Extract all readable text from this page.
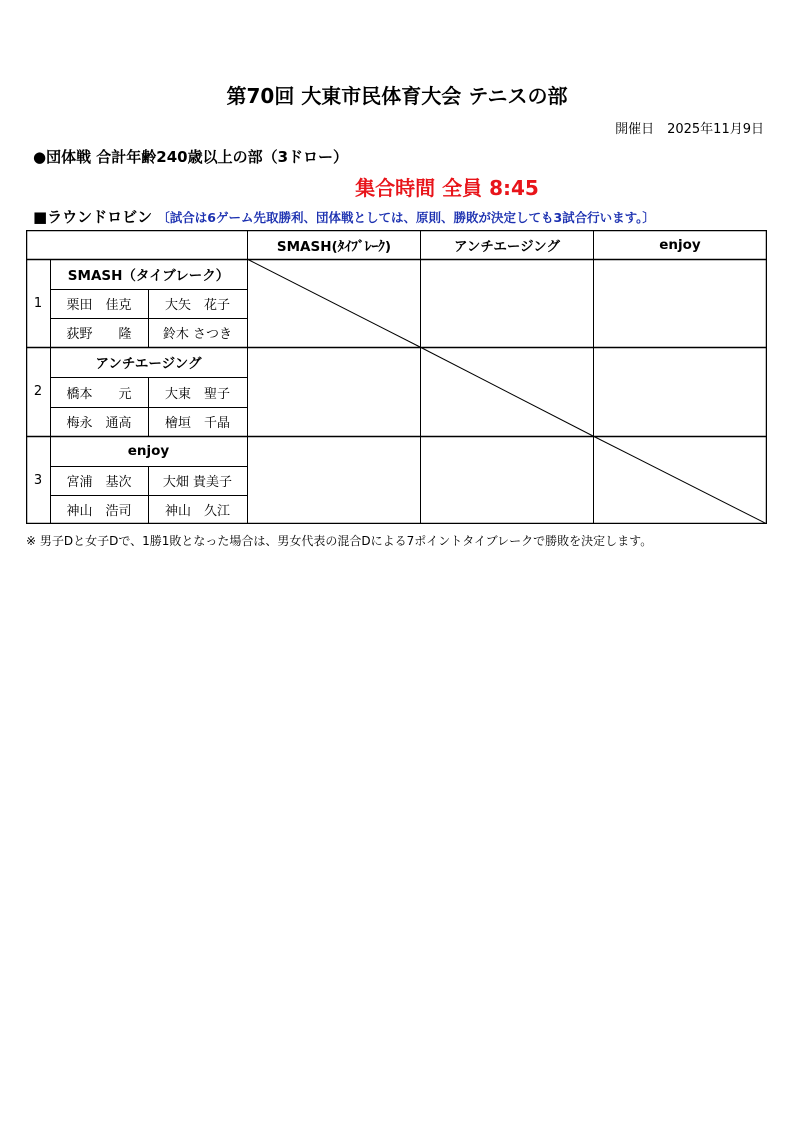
第70回 大東市民体育大会 テニスの部
開催日　2025年11月9日
●団体戦 合計年齢240歳以上の部（3ドロー）
集合時間 全員 8:45
■ラウンドロビン 〔試合は6ゲーム先取勝利、団体戦としては、原則、勝敗が決定しても3試合行います。〕
SMASH(ﾀｲﾌﾞﾚｰｸ)	アンチエージング	enjoy
1
SMASH（タイブレーク）
栗田　佳克	大矢　花子
荻野　　隆	鈴木 さつき
2
アンチエージング
橋本　　元	大東　聖子
梅永　通高	檜垣　千晶
3
enjoy
宮浦　基次	大畑 貴美子
神山　浩司	神山　久江
※ 男子Dと女子Dで、1勝1敗となった場合は、男女代表の混合Dによる7ポイントタイブレークで勝敗を決定します。
